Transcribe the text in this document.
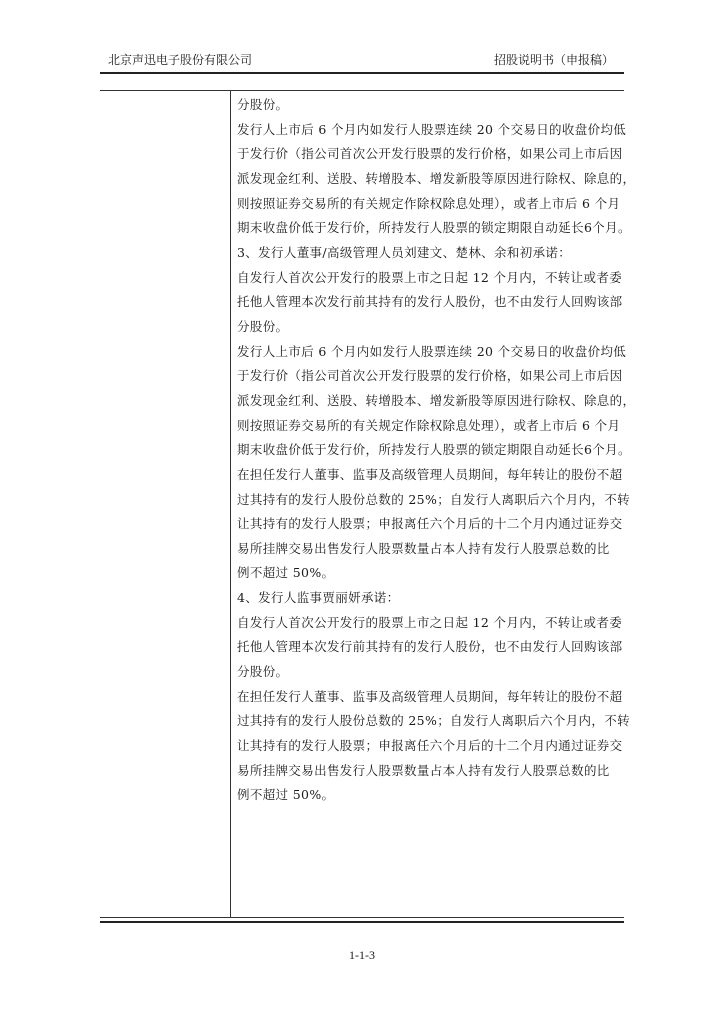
北京声迅电子股份有限公司	招股说明书（申报稿）

分股份。

发行人上市后 6 个月内如发行人股票连续 20 个交易日的收盘价均低

于发行价（指公司首次公开发行股票的发行价格，如果公司上市后因

派发现金红利、送股、转增股本、增发新股等原因进行除权、除息的，

则按照证券交易所的有关规定作除权除息处理），或者上市后 6 个月

期末收盘价低于发行价，所持发行人股票的锁定期限自动延长6个月。

3、发行人董事/高级管理人员刘建文、楚林、余和初承诺：

自发行人首次公开发行的股票上市之日起 12 个月内，不转让或者委

托他人管理本次发行前其持有的发行人股份，也不由发行人回购该部

分股份。

发行人上市后 6 个月内如发行人股票连续 20 个交易日的收盘价均低

于发行价（指公司首次公开发行股票的发行价格，如果公司上市后因

派发现金红利、送股、转增股本、增发新股等原因进行除权、除息的，

则按照证券交易所的有关规定作除权除息处理），或者上市后 6 个月

期末收盘价低于发行价，所持发行人股票的锁定期限自动延长6个月。

在担任发行人董事、监事及高级管理人员期间，每年转让的股份不超

过其持有的发行人股份总数的 25%；自发行人离职后六个月内，不转

让其持有的发行人股票；申报离任六个月后的十二个月内通过证券交

易所挂牌交易出售发行人股票数量占本人持有发行人股票总数的比

例不超过 50%。

4、发行人监事贾丽妍承诺：

自发行人首次公开发行的股票上市之日起 12 个月内，不转让或者委

托他人管理本次发行前其持有的发行人股份，也不由发行人回购该部

分股份。

在担任发行人董事、监事及高级管理人员期间，每年转让的股份不超

过其持有的发行人股份总数的 25%；自发行人离职后六个月内，不转

让其持有的发行人股票；申报离任六个月后的十二个月内通过证券交

易所挂牌交易出售发行人股票数量占本人持有发行人股票总数的比

例不超过 50%。

1-1-3
